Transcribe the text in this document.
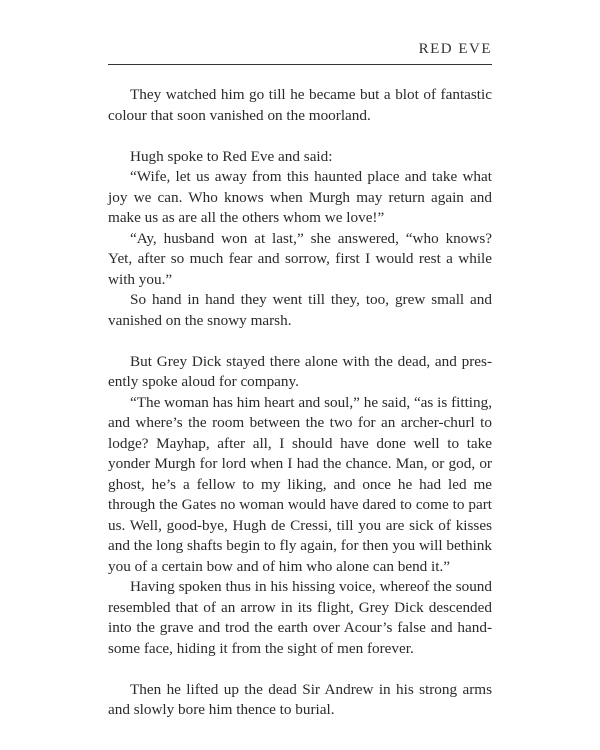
RED EVE

They watched him go till he became but a blot of fantastic colour that soon vanished on the moorland.

Hugh spoke to Red Eve and said:

“Wife, let us away from this haunted place and take what joy we can. Who knows when Murgh may return again and make us as are all the others whom we love!”

“Ay, husband won at last,” she answered, “who knows? Yet, after so much fear and sorrow, first I would rest a while with you.”

So hand in hand they went till they, too, grew small and vanished on the snowy marsh.

But Grey Dick stayed there alone with the dead, and presently spoke aloud for company.

“The woman has him heart and soul,” he said, “as is fitting, and where’s the room between the two for an archer-churl to lodge? Mayhap, after all, I should have done well to take yonder Murgh for lord when I had the chance. Man, or god, or ghost, he’s a fellow to my liking, and once he had led me through the Gates no woman would have dared to come to part us. Well, good-bye, Hugh de Cressi, till you are sick of kisses and the long shafts begin to fly again, for then you will bethink you of a certain bow and of him who alone can bend it.”

Having spoken thus in his hissing voice, whereof the sound resembled that of an arrow in its flight, Grey Dick descended into the grave and trod the earth over Acour’s false and handsome face, hiding it from the sight of men forever.

Then he lifted up the dead Sir Andrew in his strong arms and slowly bore him thence to burial.
